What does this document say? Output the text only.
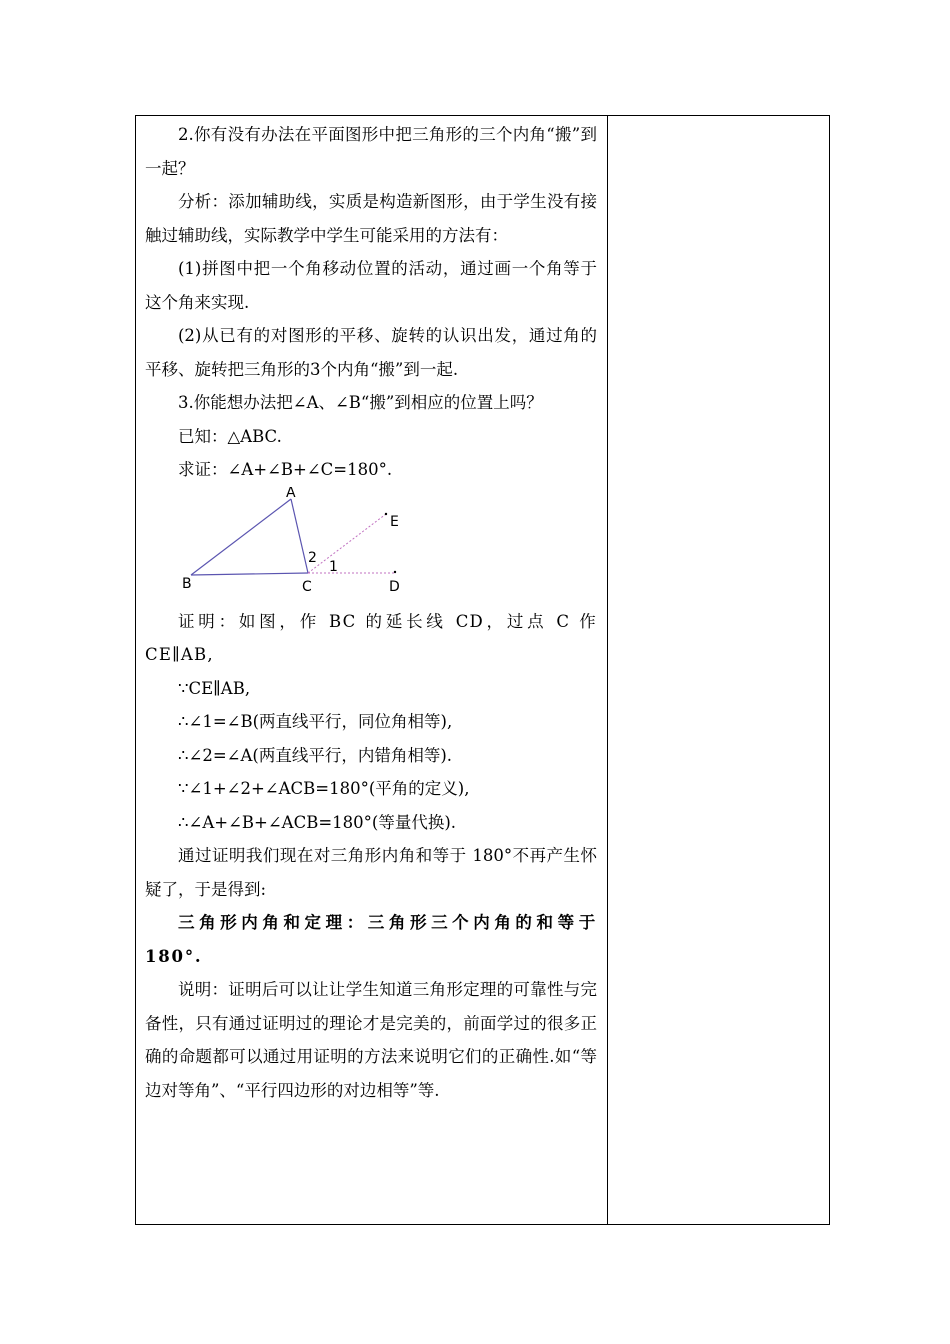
2.你有没有办法在平面图形中把三角形的三个内角“搬”到一起？

分析：添加辅助线，实质是构造新图形，由于学生没有接触过辅助线，实际教学中学生可能采用的方法有：

(1)拼图中把一个角移动位置的活动，通过画一个角等于这个角来实现.

(2)从已有的对图形的平移、旋转的认识出发，通过角的平移、旋转把三角形的3个内角“搬”到一起.

3.你能想办法把∠A、∠B“搬”到相应的位置上吗？

已知：△ABC.

求证：∠A+∠B+∠C=180°.

A
B	C	D
E
1
2

证明：如图，作 BC 的延长线 CD，过点 C 作 CE∥AB,

∵CE∥AB,

∴∠1=∠B(两直线平行，同位角相等),

∴∠2=∠A(两直线平行，内错角相等).

∵∠1+∠2+∠ACB=180°(平角的定义),

∴∠A+∠B+∠ACB=180°(等量代换).

通过证明我们现在对三角形内角和等于 180°不再产生怀疑了，于是得到:

三角形内角和定理：三角形三个内角的和等于180°.

说明：证明后可以让让学生知道三角形定理的可靠性与完备性，只有通过证明过的理论才是完美的，前面学过的很多正确的命题都可以通过用证明的方法来说明它们的正确性.如“等边对等角”、“平行四边形的对边相等”等.
